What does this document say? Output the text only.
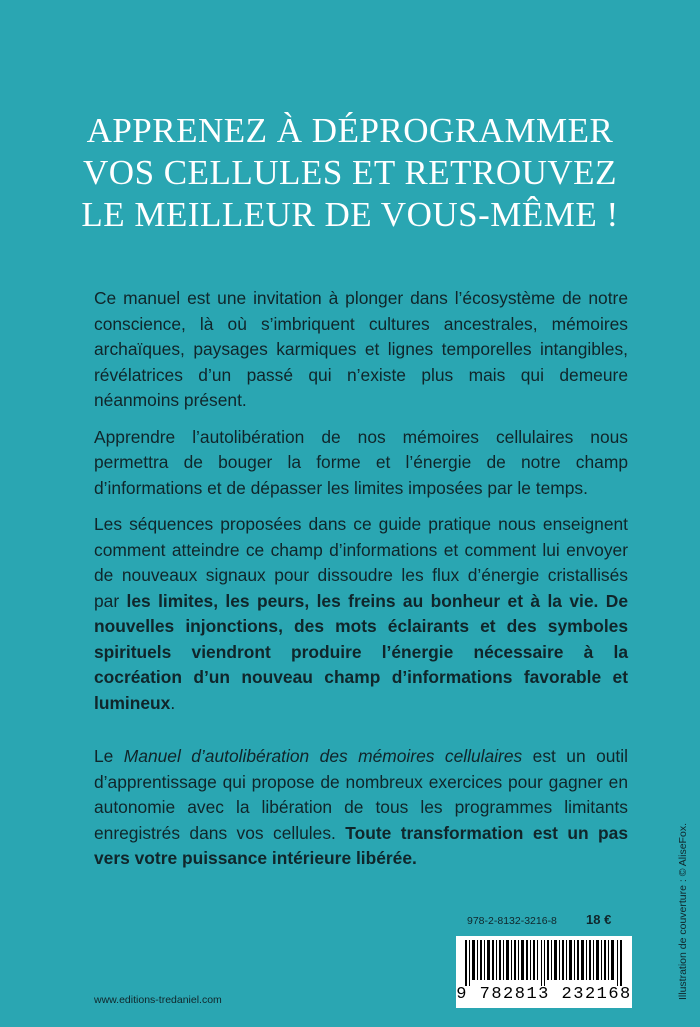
APPRENEZ À DÉPROGRAMMER
VOS CELLULES ET RETROUVEZ
LE MEILLEUR DE VOUS-MÊME !

Ce manuel est une invitation à plonger dans l’écosystème de notre conscience, là où s’imbriquent cultures ancestrales, mémoires archaïques, paysages karmiques et lignes temporelles intangibles, révélatrices d’un passé qui n’existe plus mais qui demeure néanmoins présent.

Apprendre l’autolibération de nos mémoires cellulaires nous permettra de bouger la forme et l’énergie de notre champ d’informations et de dépasser les limites imposées par le temps.

Les séquences proposées dans ce guide pratique nous enseignent comment atteindre ce champ d’informations et comment lui envoyer de nouveaux signaux pour dissoudre les flux d’énergie cristallisés par les limites, les peurs, les freins au bonheur et à la vie. De nouvelles injonctions, des mots éclairants et des symboles spirituels viendront produire l’énergie nécessaire à la cocréation d’un nouveau champ d’informations favorable et lumineux.

Le Manuel d’autolibération des mémoires cellulaires est un outil d’apprentissage qui propose de nombreux exercices pour gagner en autonomie avec la libération de tous les programmes limitants enregistrés dans vos cellules. Toute transformation est un pas vers votre puissance intérieure libérée.

978-2-8132-3216-8	18 €
9 782813 232168
www.editions-tredaniel.com	Illustration de couverture : © AliseFox.
